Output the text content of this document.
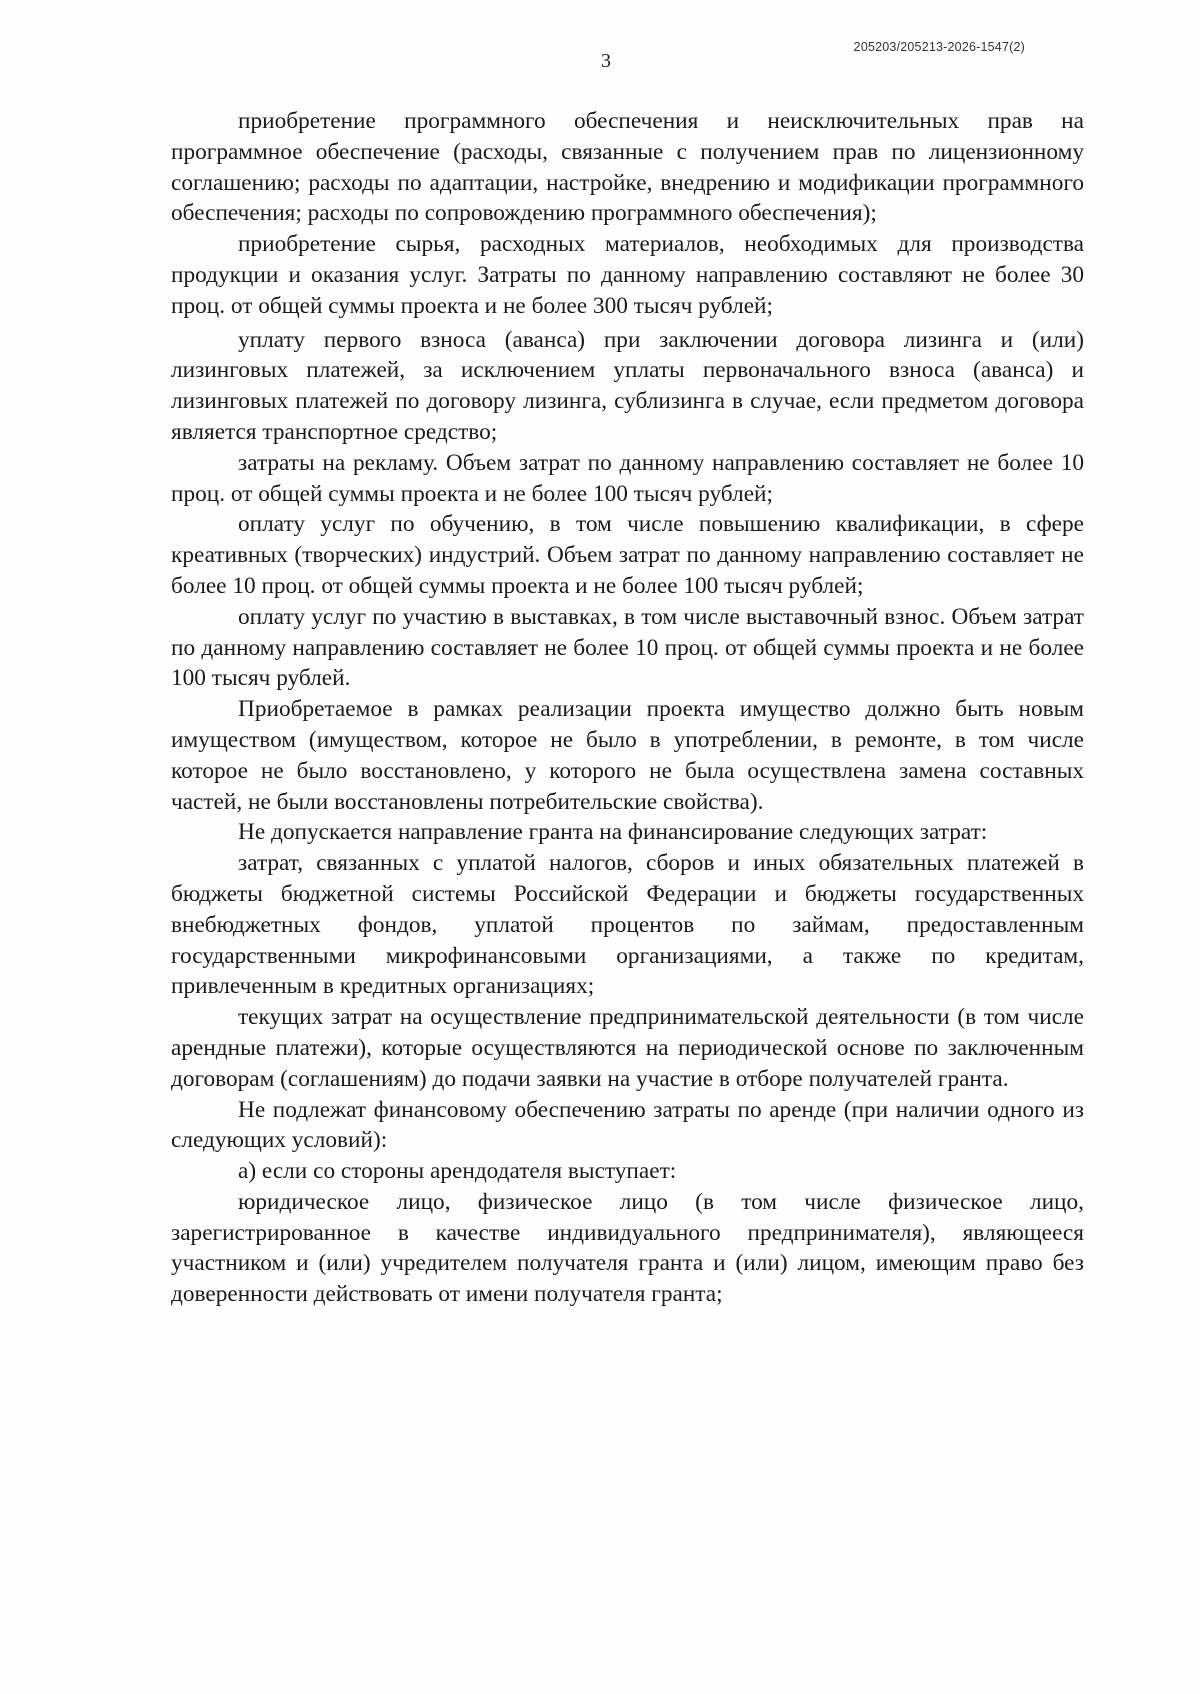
205203/205213-2026-1547(2)
3

приобретение программного обеспечения и неисключительных прав на программное обеспечение (расходы, связанные с получением прав по лицензионному соглашению; расходы по адаптации, настройке, внедрению и модификации программного обеспечения; расходы по сопровождению программного обеспечения);

приобретение сырья, расходных материалов, необходимых для производства продукции и оказания услуг. Затраты по данному направлению составляют не более 30 проц. от общей суммы проекта и не более 300 тысяч рублей;

уплату первого взноса (аванса) при заключении договора лизинга и (или) лизинговых платежей, за исключением уплаты первоначального взноса (аванса) и лизинговых платежей по договору лизинга, сублизинга в случае, если предметом договора является транспортное средство;

затраты на рекламу. Объем затрат по данному направлению составляет не более 10 проц. от общей суммы проекта и не более 100 тысяч рублей;

оплату услуг по обучению, в том числе повышению квалификации, в сфере креативных (творческих) индустрий. Объем затрат по данному направлению составляет не более 10 проц. от общей суммы проекта и не более 100 тысяч рублей;

оплату услуг по участию в выставках, в том числе выставочный взнос. Объем затрат по данному направлению составляет не более 10 проц. от общей суммы проекта и не более 100 тысяч рублей.

Приобретаемое в рамках реализации проекта имущество должно быть новым имуществом (имуществом, которое не было в употреблении, в ремонте, в том числе которое не было восстановлено, у которого не была осуществлена замена составных частей, не были восстановлены потребительские свойства).

Не допускается направление гранта на финансирование следующих затрат:

затрат, связанных с уплатой налогов, сборов и иных обязательных платежей в бюджеты бюджетной системы Российской Федерации и бюджеты государственных внебюджетных фондов, уплатой процентов по займам, предоставленным государственными микрофинансовыми организациями, а также по кредитам, привлеченным в кредитных организациях;

текущих затрат на осуществление предпринимательской деятельности (в том числе арендные платежи), которые осуществляются на периодической основе по заключенным договорам (соглашениям) до подачи заявки на участие в отборе получателей гранта.

Не подлежат финансовому обеспечению затраты по аренде (при наличии одного из следующих условий):

а) если со стороны арендодателя выступает:

юридическое лицо, физическое лицо (в том числе физическое лицо, зарегистрированное в качестве индивидуального предпринимателя), являющееся участником и (или) учредителем получателя гранта и (или) лицом, имеющим право без доверенности действовать от имени получателя гранта;
